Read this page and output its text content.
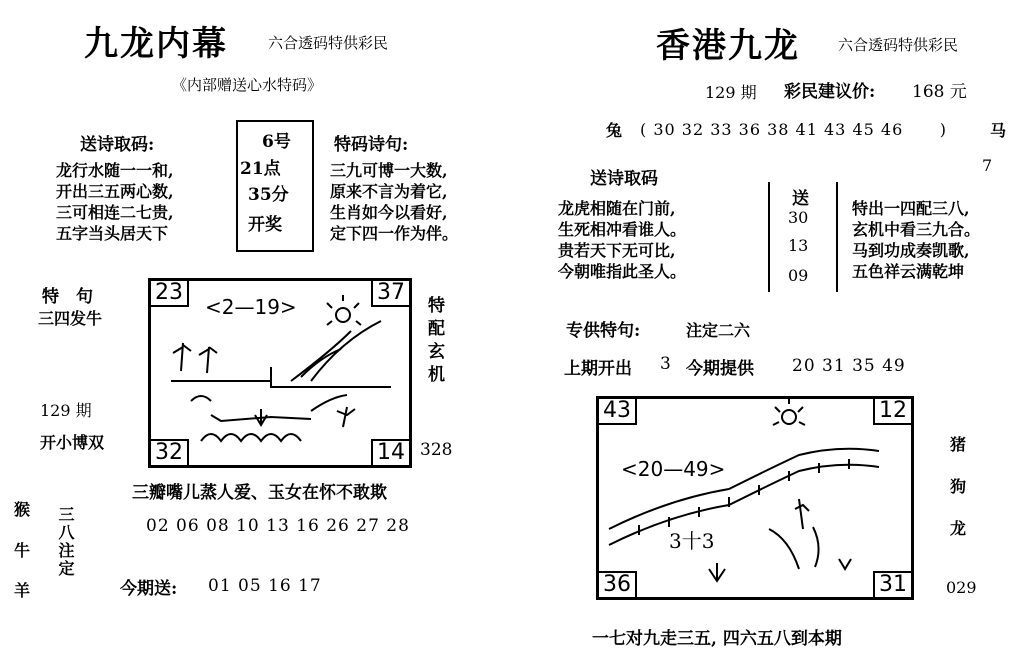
九龙内幕	六合透码特供彩民
《内部赠送心水特码》
送诗取码:
龙行水随一一和,
开出三五两心数,
三可相连二七贵,
五字当头居天下
6号
21点
35分
开奖
特码诗句:
三九可博一大数,
原来不言为着它,
生肖如今以看好,
定下四一作为伴。
特　句
三四发牛
129 期
开小博双
23	37
32	14
<2—19>	特配玄机
328
三瓣嘴儿蒸人爱、玉女在怀不敢欺
02 06 08 10 13 16 26 27 28
猴
牛
羊
三八注定
今期送: 01 05 16 17
香港九龙	六合透码特供彩民
129 期 彩民建议价: 168 元
兔 ( 30 32 33 36 38 41 43 45 46      )	马
7
送诗取码
龙虎相随在门前,
生死相冲看谁人。
贵若天下无可比,
今朝唯指此圣人。
送
30
13
09
特出一四配三八,
玄机中看三九合。
马到功成奏凯歌,
五色祥云满乾坤
专供特句:	注定二六
上期开出 3 今期提供 20 31 35 49
43	12
36	31
<20—49>
3十3
猪
狗
龙
029
一七对九走三五, 四六五八到本期
